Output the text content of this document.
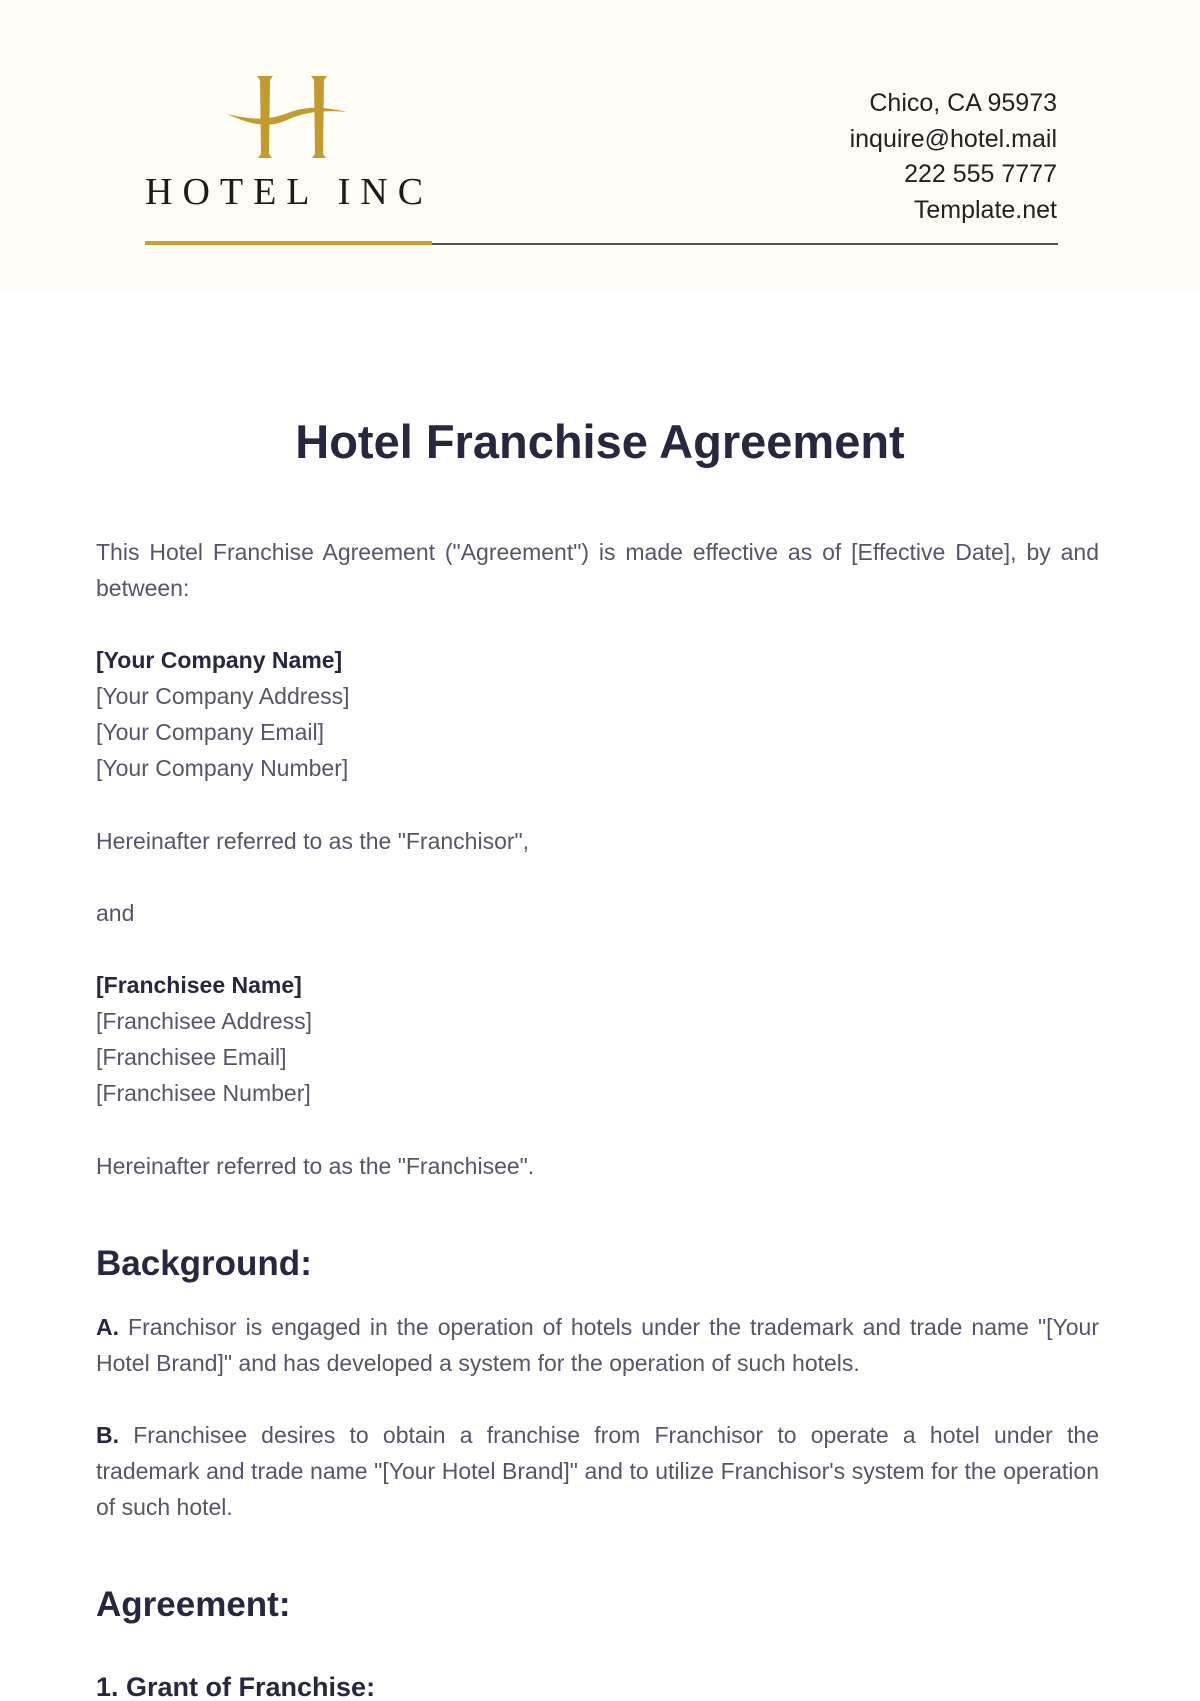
HOTEL INC
Chico, CA 95973
inquire@hotel.mail
222 555 7777
Template.net
Hotel Franchise Agreement

This Hotel Franchise Agreement ("Agreement") is made effective as of [Effective Date], by and between:

[Your Company Name]
[Your Company Address]
[Your Company Email]
[Your Company Number]

Hereinafter referred to as the "Franchisor",

and

[Franchisee Name]
[Franchisee Address]
[Franchisee Email]
[Franchisee Number]

Hereinafter referred to as the "Franchisee".

Background:

A. Franchisor is engaged in the operation of hotels under the trademark and trade name "[Your Hotel Brand]" and has developed a system for the operation of such hotels.

B. Franchisee desires to obtain a franchise from Franchisor to operate a hotel under the trademark and trade name "[Your Hotel Brand]" and to utilize Franchisor's system for the operation of such hotel.

Agreement:
1. Grant of Franchise:
